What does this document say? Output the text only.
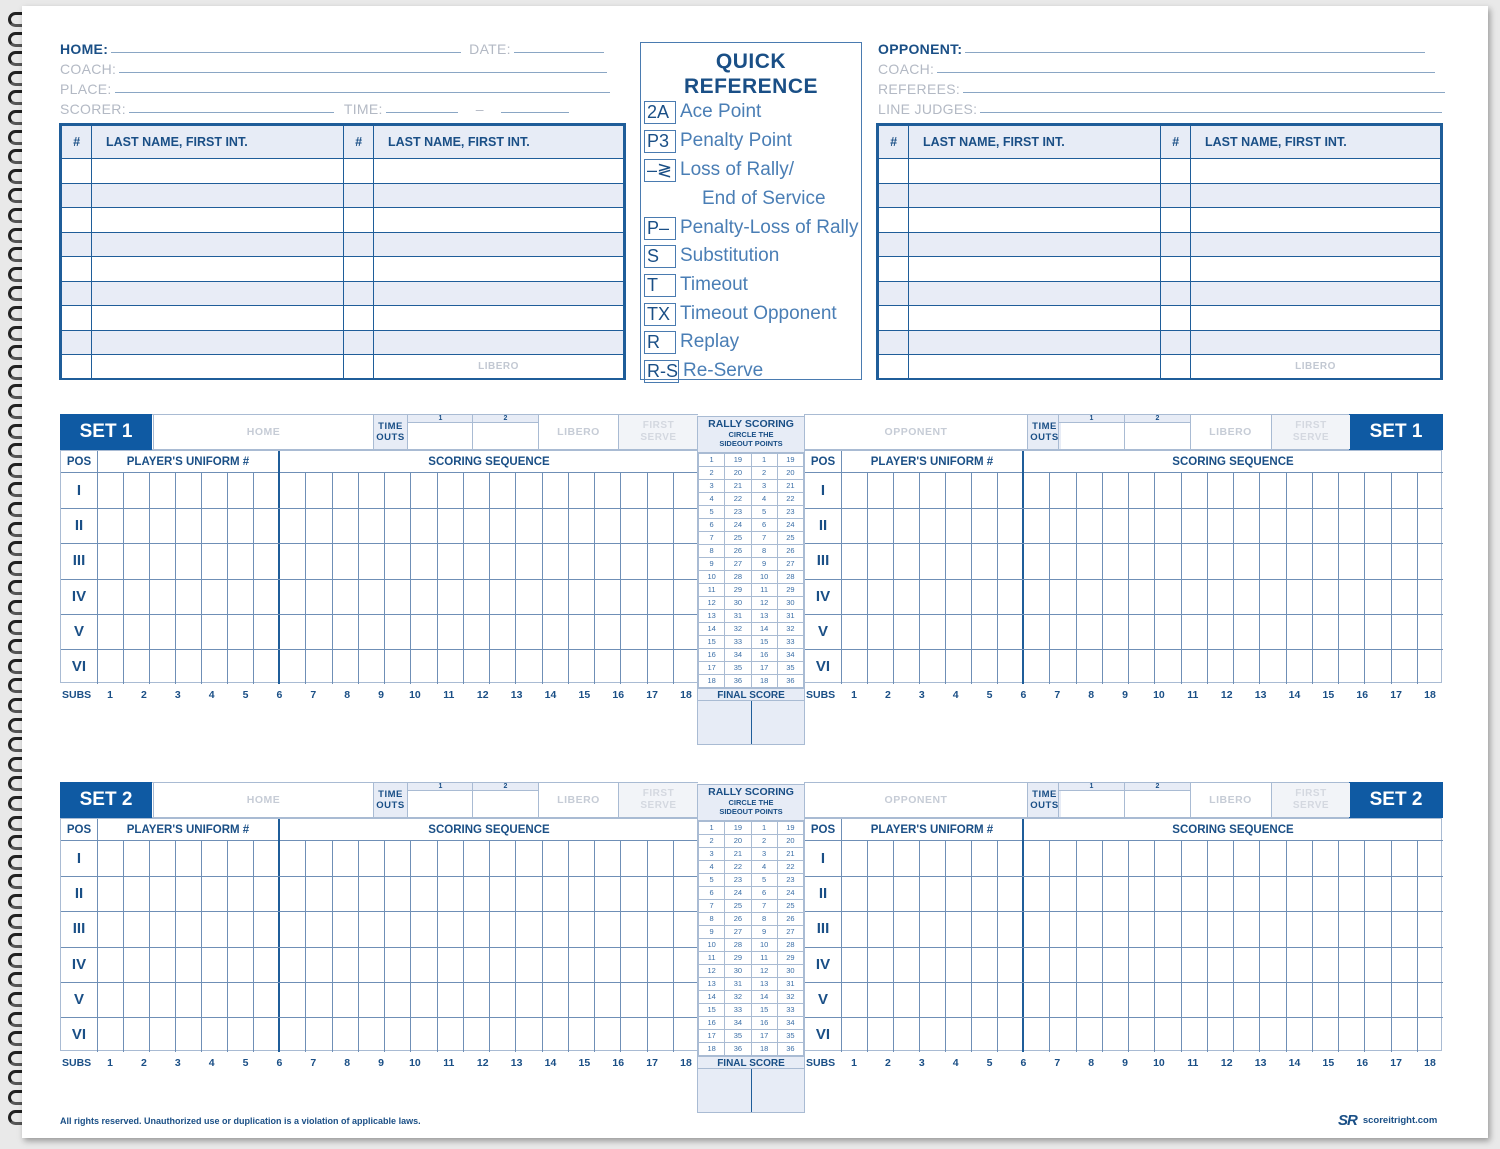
HOME:	DATE:
COACH:
PLACE:
SCORER:	TIME:	–
#	LAST NAME, FIRST INT.	#	LAST NAME, FIRST INT.

			LIBERO
QUICK
REFERENCE
2A Ace Point
P3 Penalty Point
–≷ Loss of Rally/
End of Service
P– Penalty-Loss of Rally
S	Substitution
T	Timeout
TX Timeout Opponent
R	Replay
R-S Re-Serve
OPPONENT:
COACH:
REFEREES:
LINE JUDGES:
#	LAST NAME, FIRST INT.	#	LAST NAME, FIRST INT.

			LIBERO
All rights reserved. Unauthorized use or duplication is a violation of applicable laws.	SR scoreitright.com
SET 1	HOME	TIME
OUTS
1	2
LIBERO
FIRST
SERVE	SET 1
OPPONENT	TIME
OUTS
1	2
LIBERO
FIRST
SERVE
POS	PLAYER'S UNIFORM #	SCORING SEQUENCE
I
II
III
IV
V
VI
SUBS 1	2	3	4	5	6	7	8	9 10 11 12 13 14 15 16 17 18
POS	PLAYER'S UNIFORM #	SCORING SEQUENCE
I
II
III
IV
V
VI
SUBS 1	2	3	4	5	6	7	8	9 10 11 12 13 14 15 16 17 18
RALLY SCORING
CIRCLE THE
SIDEOUT POINTS
1	19	1	19
2	20	2	20
3	21	3	21
4	22	4	22
5	23	5	23
6	24	6	24
7	25	7	25
8	26	8	26
9	27	9	27
10	28	10	28
11	29	11	29
12	30	12	30
13	31	13	31
14	32	14	32
15	33	15	33
16	34	16	34
17	35	17	35
18	36	18	36
FINAL SCORE
SET 2	HOME	TIME
OUTS
1	2
LIBERO
FIRST
SERVE	SET 2
OPPONENT	TIME
OUTS
1	2
LIBERO
FIRST
SERVE
POS	PLAYER'S UNIFORM #	SCORING SEQUENCE
I
II
III
IV
V
VI
SUBS 1	2	3	4	5	6	7	8	9 10 11 12 13 14 15 16 17 18
POS	PLAYER'S UNIFORM #	SCORING SEQUENCE
I
II
III
IV
V
VI
SUBS 1	2	3	4	5	6	7	8	9 10 11 12 13 14 15 16 17 18
RALLY SCORING
CIRCLE THE
SIDEOUT POINTS
1	19	1	19
2	20	2	20
3	21	3	21
4	22	4	22
5	23	5	23
6	24	6	24
7	25	7	25
8	26	8	26
9	27	9	27
10	28	10	28
11	29	11	29
12	30	12	30
13	31	13	31
14	32	14	32
15	33	15	33
16	34	16	34
17	35	17	35
18	36	18	36
FINAL SCORE
